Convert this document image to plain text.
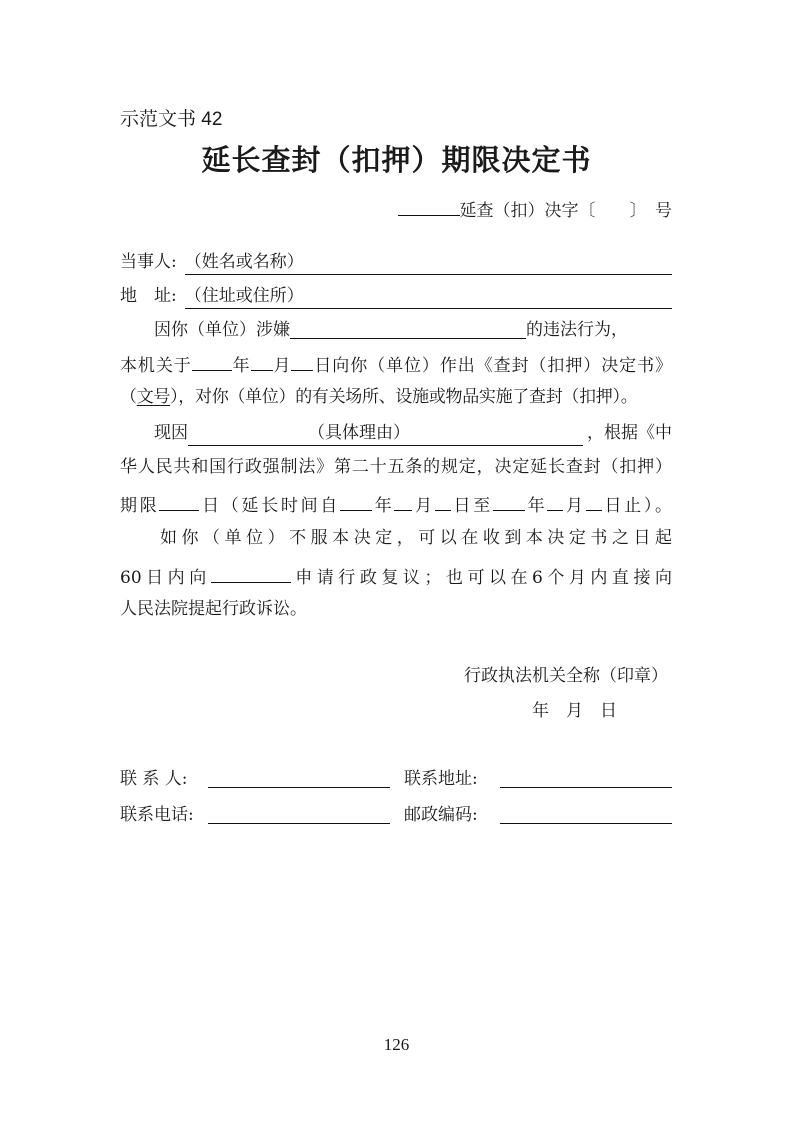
示范文书 42
延长查封（扣押）期限决定书
延查（扣）决字〔　　〕　号
当事人: （姓名或名称）
地　址: （住址或住所）
因你（单位）涉嫌	的违法行为，
本机关于 年 月 日向你（单位）作出《查封（扣押）决定书》
（文号），对你（单位）的有关场所、设施或物品实施了查封（扣押）。
现因	（具体理由）	，根据《中
华人民共和国行政强制法》第二十五条的规定，决定延长查封（扣押）
期限 日（延长时间自 年 月 日至 年 月 日止）。
如你（单位）不服本决定，可以在收到本决定书之日起
60日内向	申请行政复议；也可以在6个月内直接向
人民法院提起行政诉讼。
行政执法机关全称（印章）
年　月　日
联 系 人:	联系地址:
联系电话:	邮政编码:
126
